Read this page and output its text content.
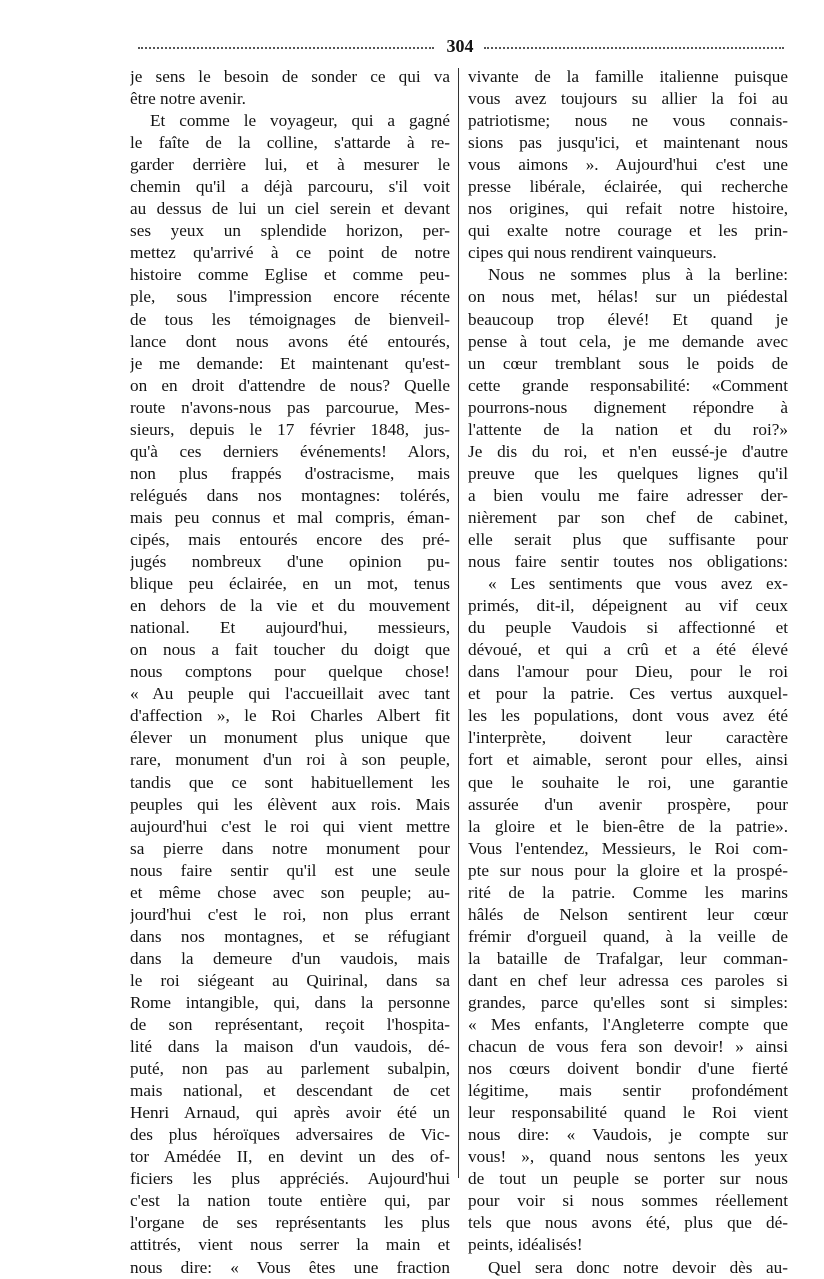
304
je sens le besoin de sonder ce qui va
être notre avenir.
Et comme le voyageur, qui a gagné
le faîte de la colline, s'attarde à re-
garder derrière lui, et à mesurer le
chemin qu'il a déjà parcouru, s'il voit
au dessus de lui un ciel serein et devant
ses yeux un splendide horizon, per-
mettez qu'arrivé à ce point de notre
histoire comme Eglise et comme peu-
ple, sous l'impression encore récente
de tous les témoignages de bienveil-
lance dont nous avons été entourés,
je me demande: Et maintenant qu'est-
on en droit d'attendre de nous? Quelle
route n'avons-nous pas parcourue, Mes-
sieurs, depuis le 17 février 1848, jus-
qu'à ces derniers événements! Alors,
non plus frappés d'ostracisme, mais
relégués dans nos montagnes: tolérés,
mais peu connus et mal compris, éman-
cipés, mais entourés encore des pré-
jugés nombreux d'une opinion pu-
blique peu éclairée, en un mot, tenus
en dehors de la vie et du mouvement
national. Et aujourd'hui, messieurs,
on nous a fait toucher du doigt que
nous comptons pour quelque chose!
« Au peuple qui l'accueillait avec tant
d'affection », le Roi Charles Albert fit
élever un monument plus unique que
rare, monument d'un roi à son peuple,
tandis que ce sont habituellement les
peuples qui les élèvent aux rois. Mais
aujourd'hui c'est le roi qui vient mettre
sa pierre dans notre monument pour
nous faire sentir qu'il est une seule
et même chose avec son peuple; au-
jourd'hui c'est le roi, non plus errant
dans nos montagnes, et se réfugiant
dans la demeure d'un vaudois, mais
le roi siégeant au Quirinal, dans sa
Rome intangible, qui, dans la personne
de son représentant, reçoit l'hospita-
lité dans la maison d'un vaudois, dé-
puté, non pas au parlement subalpin,
mais national, et descendant de cet
Henri Arnaud, qui après avoir été un
des plus héroïques adversaires de Vic-
tor Amédée II, en devint un des of-
ficiers les plus appréciés. Aujourd'hui
c'est la nation toute entière qui, par
l'organe de ses représentants les plus
attitrés, vient nous serrer la main et
nous dire: « Vous êtes une fraction
vivante de la famille italienne puisque
vous avez toujours su allier la foi au
patriotisme; nous ne vous connais-
sions pas jusqu'ici, et maintenant nous
vous aimons ». Aujourd'hui c'est une
presse libérale, éclairée, qui recherche
nos origines, qui refait notre histoire,
qui exalte notre courage et les prin-
cipes qui nous rendirent vainqueurs.
Nous ne sommes plus à la berline:
on nous met, hélas! sur un piédestal
beaucoup trop élevé! Et quand je
pense à tout cela, je me demande avec
un cœur tremblant sous le poids de
cette grande responsabilité: «Comment
pourrons-nous dignement répondre à
l'attente de la nation et du roi?»
Je dis du roi, et n'en eussé-je d'autre
preuve que les quelques lignes qu'il
a bien voulu me faire adresser der-
nièrement par son chef de cabinet,
elle serait plus que suffisante pour
nous faire sentir toutes nos obligations:
« Les sentiments que vous avez ex-
primés, dit-il, dépeignent au vif ceux
du peuple Vaudois si affectionné et
dévoué, et qui a crû et a été élevé
dans l'amour pour Dieu, pour le roi
et pour la patrie. Ces vertus auxquel-
les les populations, dont vous avez été
l'interprète, doivent leur caractère
fort et aimable, seront pour elles, ainsi
que le souhaite le roi, une garantie
assurée d'un avenir prospère, pour
la gloire et le bien-être de la patrie».
Vous l'entendez, Messieurs, le Roi com-
pte sur nous pour la gloire et la prospé-
rité de la patrie. Comme les marins
hâlés de Nelson sentirent leur cœur
frémir d'orgueil quand, à la veille de
la bataille de Trafalgar, leur comman-
dant en chef leur adressa ces paroles si
grandes, parce qu'elles sont si simples:
« Mes enfants, l'Angleterre compte que
chacun de vous fera son devoir! » ainsi
nos cœurs doivent bondir d'une fierté
légitime, mais sentir profondément
leur responsabilité quand le Roi vient
nous dire: « Vaudois, je compte sur
vous! », quand nous sentons les yeux
de tout un peuple se porter sur nous
pour voir si nous sommes réellement
tels que nous avons été, plus que dé-
peints, idéalisés!
Quel sera donc notre devoir dès au-
